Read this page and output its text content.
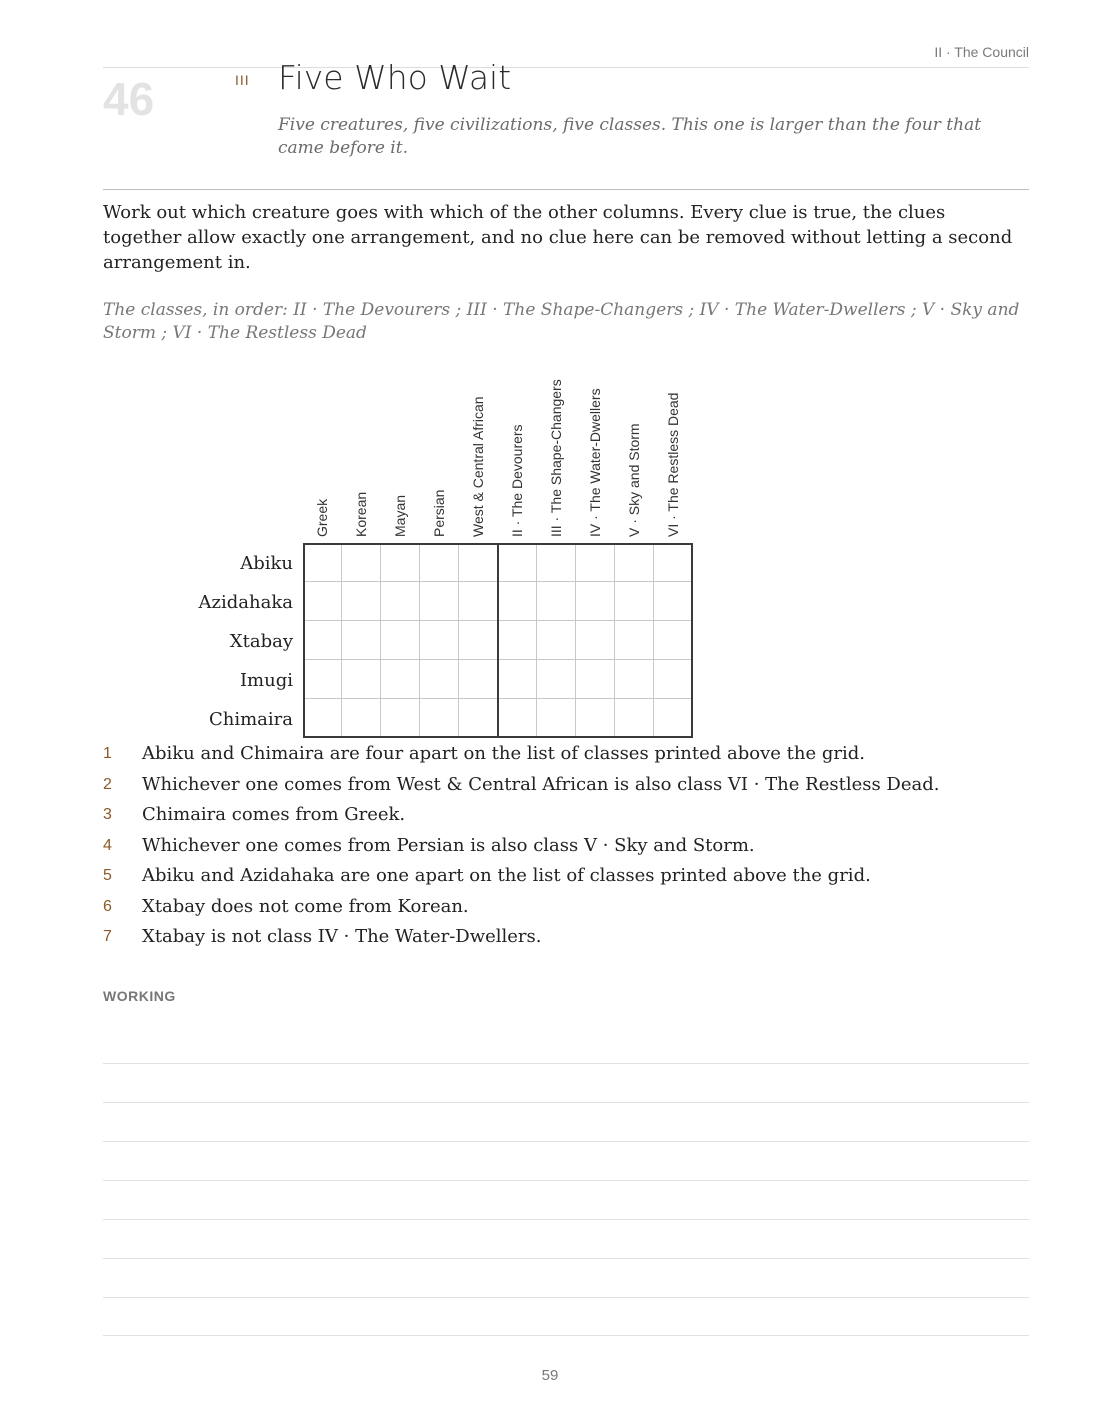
II · The Council
46	III Five Who Wait
Five creatures, five civilizations, five classes. This one is larger than the four that came before it.
Work out which creature goes with which of the other columns. Every clue is true, the clues together allow exactly one arrangement, and no clue here can be removed without letting a second arrangement in.
The classes, in order: II · The Devourers ; III · The Shape-Changers ; IV · The Water-Dwellers ; V · Sky and Storm ; VI · The Restless Dead
Greek Korean Mayan Persian West & Central African II · The Devourers III · The Shape-Changers IV · The Water-Dwellers V · Sky and Storm VI · The Restless Dead
Abiku
Azidahaka
Xtabay
Imugi
Chimaira
1 Abiku and Chimaira are four apart on the list of classes printed above the grid.
2 Whichever one comes from West & Central African is also class VI · The Restless Dead.
3 Chimaira comes from Greek.
4 Whichever one comes from Persian is also class V · Sky and Storm.
5 Abiku and Azidahaka are one apart on the list of classes printed above the grid.
6 Xtabay does not come from Korean.
7 Xtabay is not class IV · The Water-Dwellers.
WORKING
59
